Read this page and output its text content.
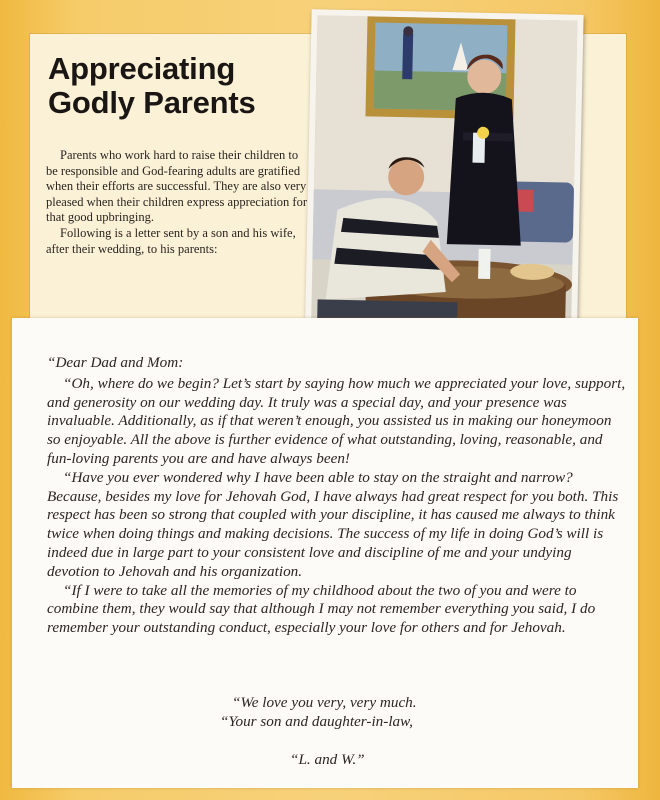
Appreciating
Godly Parents

Parents who work hard to raise their children to be responsible and God-fearing adults are gratified when their efforts are successful. They are also very pleased when their children express appreciation for that good upbringing.

Following is a letter sent by a son and his wife, after their wedding, to his parents:

“Dear Dad and Mom:

“Oh, where do we begin? Let’s start by saying how much we appreciated your love, support, and generosity on our wedding day. It truly was a special day, and your presence was invaluable. Additionally, as if that weren’t enough, you assisted us in making our honeymoon so enjoyable. All the above is further evidence of what outstanding, loving, reasonable, and fun-loving parents you are and have always been!

“Have you ever wondered why I have been able to stay on the straight and narrow? Because, besides my love for Jehovah God, I have always had great respect for you both. This respect has been so strong that coupled with your discipline, it has caused me always to think twice when doing things and making decisions. The success of my life in doing God’s will is indeed due in large part to your consistent love and discipline of me and your undying devotion to Jehovah and his organization.

“If I were to take all the memories of my childhood about the two of you and were to combine them, they would say that although I may not remember everything you said, I do remember your outstanding conduct, especially your love for others and for Jehovah.

“We love you very, very much.
“Your son and daughter-in-law,
“L. and W.”
